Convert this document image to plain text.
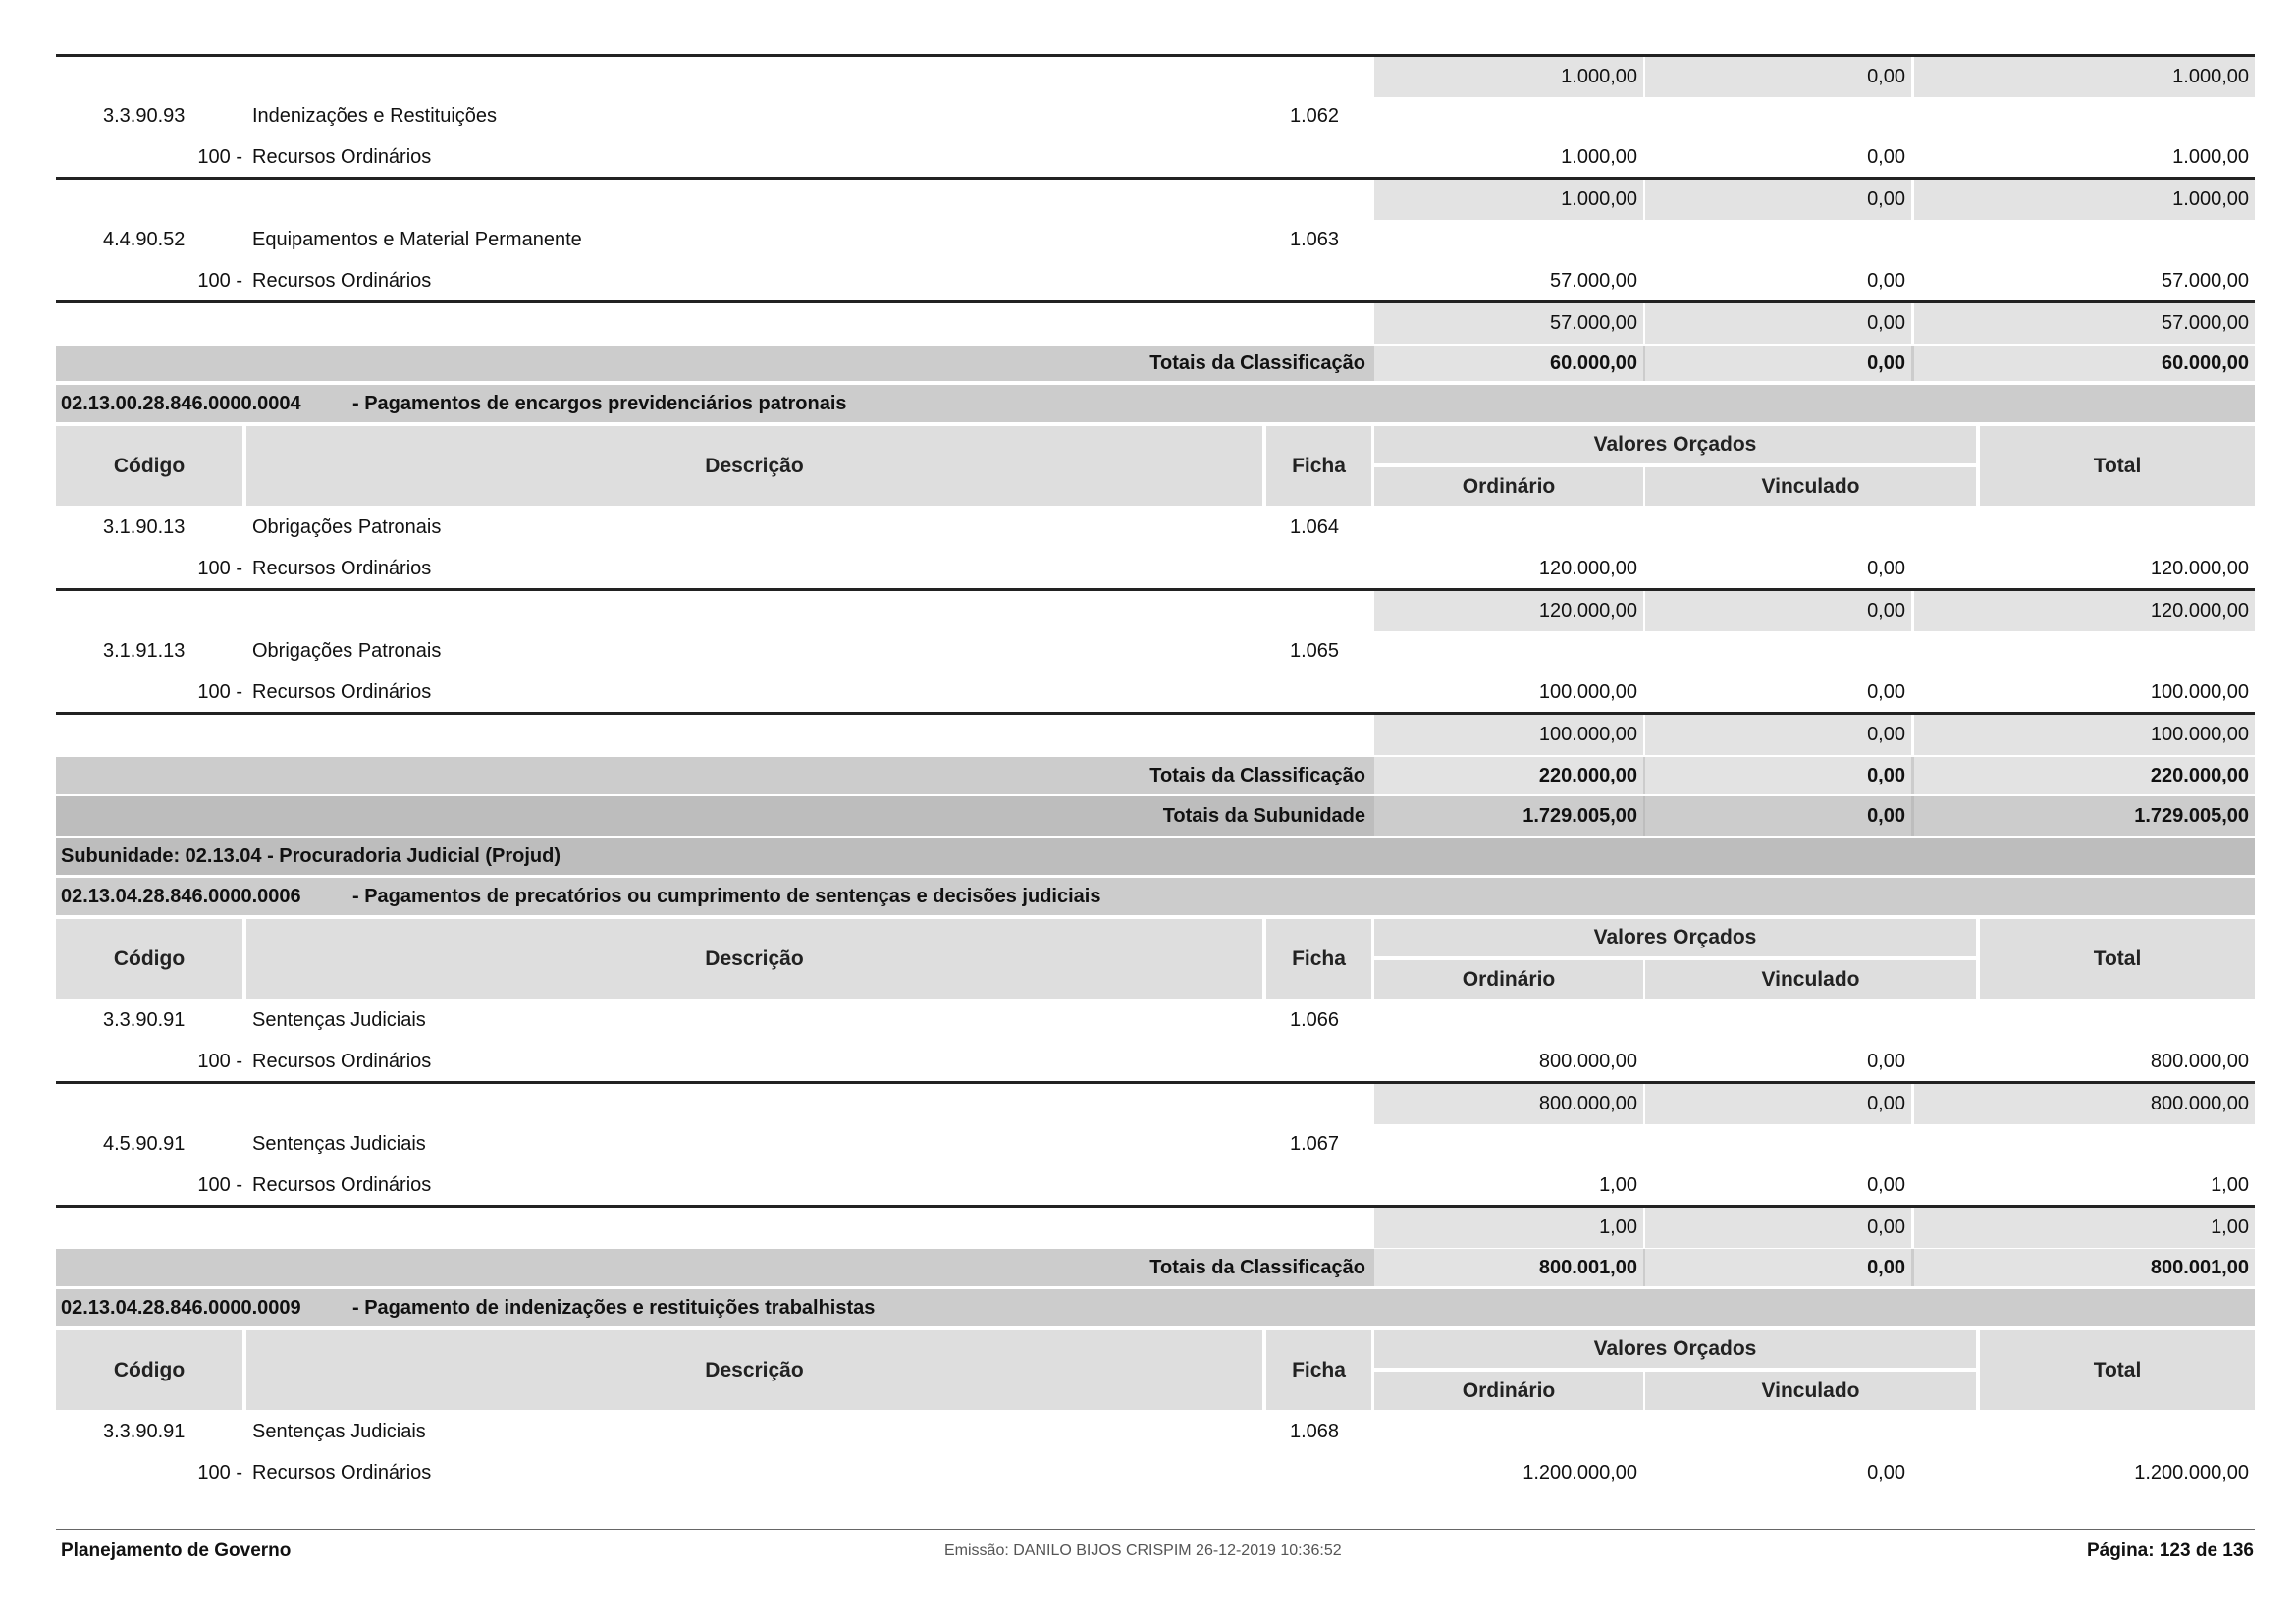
1.000,00	0,00	1.000,00
3.3.90.93	Indenizações e Restituições	1.062
100 - Recursos Ordinários	1.000,00	0,00	1.000,00
1.000,00	0,00	1.000,00
4.4.90.52	Equipamentos e Material Permanente	1.063
100 - Recursos Ordinários	57.000,00	0,00	57.000,00
57.000,00	0,00	57.000,00
Totais da Classificação	60.000,00	0,00	60.000,00
02.13.00.28.846.0000.0004	- Pagamentos de encargos previdenciários patronais
Código	Descrição	Ficha
Valores Orçados
Ordinário	Vinculado
Total
3.1.90.13	Obrigações Patronais	1.064
100 - Recursos Ordinários	120.000,00	0,00	120.000,00
120.000,00	0,00	120.000,00
3.1.91.13	Obrigações Patronais	1.065
100 - Recursos Ordinários	100.000,00	0,00	100.000,00
100.000,00	0,00	100.000,00
Totais da Classificação	220.000,00	0,00	220.000,00
Totais da Subunidade	1.729.005,00	0,00	1.729.005,00
Subunidade: 02.13.04 - Procuradoria Judicial (Projud)
02.13.04.28.846.0000.0006	- Pagamentos de precatórios ou cumprimento de sentenças e decisões judiciais
Código	Descrição	Ficha
Valores Orçados
Ordinário	Vinculado
Total
3.3.90.91	Sentenças Judiciais	1.066
100 - Recursos Ordinários	800.000,00	0,00	800.000,00
800.000,00	0,00	800.000,00
4.5.90.91	Sentenças Judiciais	1.067
100 - Recursos Ordinários	1,00	0,00	1,00
1,00	0,00	1,00
Totais da Classificação	800.001,00	0,00	800.001,00
02.13.04.28.846.0000.0009	- Pagamento de indenizações e restituições trabalhistas
Código	Descrição	Ficha
Valores Orçados
Ordinário	Vinculado
Total
3.3.90.91	Sentenças Judiciais	1.068
100 - Recursos Ordinários	1.200.000,00	0,00	1.200.000,00
Planejamento de Governo	Emissão: DANILO BIJOS CRISPIM 26-12-2019 10:36:52	Página: 123 de 136
